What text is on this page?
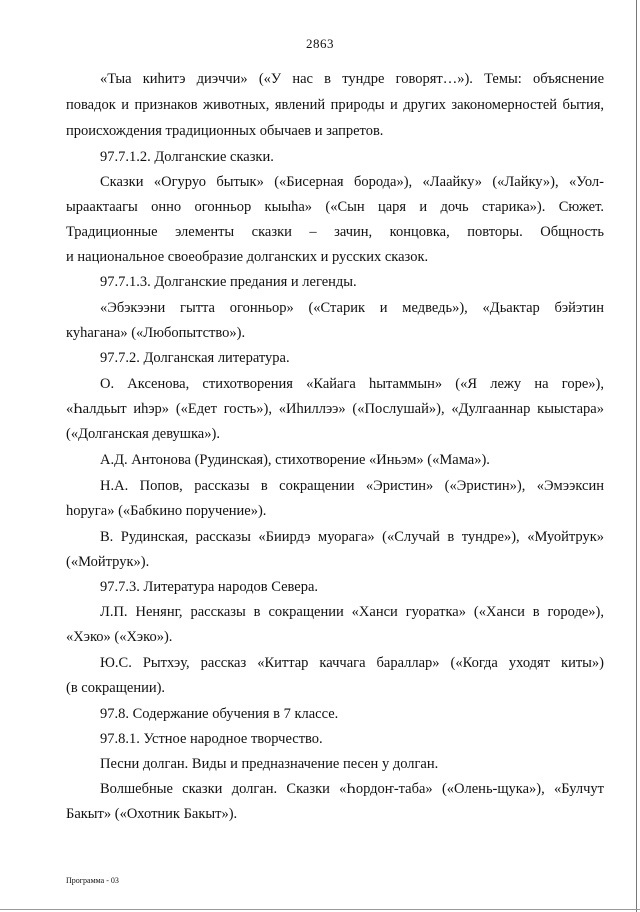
2863
«Тыа киһитэ диэччи» («У нас в тундре говорят…»). Темы: объяснение
повадок и признаков животных, явлений природы и других закономерностей бытия,
происхождения традиционных обычаев и запретов.
97.7.1.2. Долганские сказки.
Сказки «Огуруо бытык» («Бисерная борода»), «Лаайку» («Лайку»), «Уол-
ыраактаагы онно огонньор кыыһа» («Сын царя и дочь старика»). Сюжет.
Традиционные элементы сказки – зачин, концовка, повторы. Общность
и национальное своеобразие долганских и русских сказок.
97.7.1.3. Долганские предания и легенды.
«Эбэкээни гытта огонньор» («Старик и медведь»), «Дьактар бэйэтин
куһагана» («Любопытство»).
97.7.2. Долганская литература.
О. Аксенова, стихотворения «Кайага һытаммын» («Я лежу на горе»),
«Һалдьыт иһэр» («Едет гость»), «Иһиллээ» («Послушай»), «Дулгааннар кыыстара»
(«Долганская девушка»).
А.Д. Антонова (Рудинская), стихотворение «Иньэм» («Мама»).
Н.А. Попов, рассказы в сокращении «Эристин» («Эристин»), «Эмээксин
һоруга» («Бабкино поручение»).
В. Рудинская, рассказы «Биирдэ муорага» («Случай в тундре»), «Муойтрук»
(«Мойтрук»).
97.7.3. Литература народов Севера.
Л.П. Ненянг, рассказы в сокращении «Ханси гуоратка» («Ханси в городе»),
«Хэко» («Хэко»).
Ю.С. Рытхэу, рассказ «Киттар каччага бараллар» («Когда уходят киты»)
(в сокращении).
97.8. Содержание обучения в 7 классе.
97.8.1. Устное народное творчество.
Песни долган. Виды и предназначение песен у долган.
Волшебные сказки долган. Сказки «Һордоҥ-таба» («Олень-щука»), «Булчут
Бакыт» («Охотник Бакыт»).
Программа - 03
